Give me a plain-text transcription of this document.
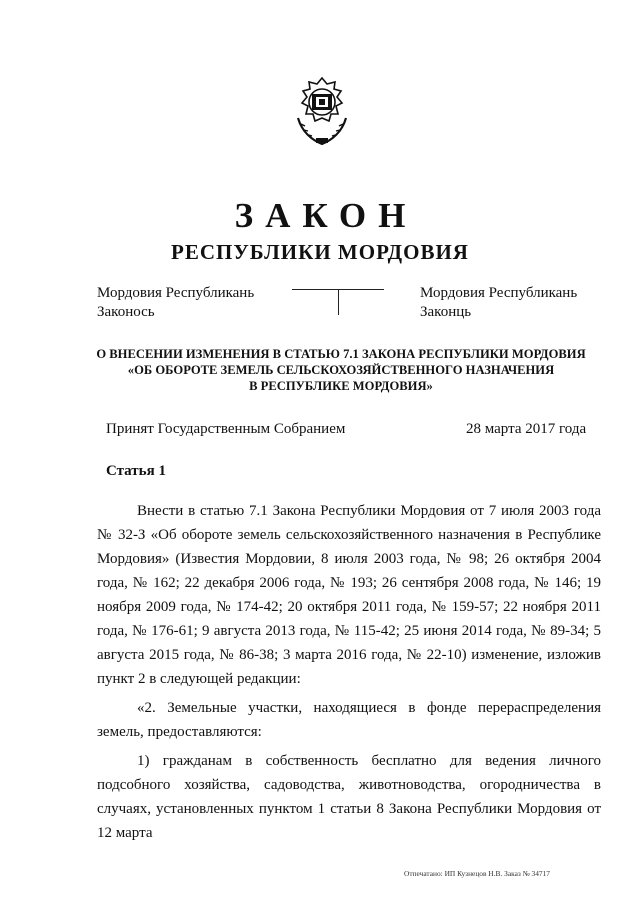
ЗАКОН
РЕСПУБЛИКИ МОРДОВИЯ
Мордовия Республикань
Законось
Мордовия Республикань
Законць
О ВНЕСЕНИИ ИЗМЕНЕНИЯ В СТАТЬЮ 7.1 ЗАКОНА РЕСПУБЛИКИ МОРДОВИЯ
«ОБ ОБОРОТЕ ЗЕМЕЛЬ СЕЛЬСКОХОЗЯЙСТВЕННОГО НАЗНАЧЕНИЯ
В РЕСПУБЛИКЕ МОРДОВИЯ»
Принят Государственным Собранием	28 марта 2017 года
Статья 1

Внести в статью 7.1 Закона Республики Мордовия от 7 июля 2003 года № 32-З «Об обороте земель сельскохозяйственного назначения в Республике Мордовия» (Известия Мордовии, 8 июля 2003 года, № 98; 26 октября 2004 года, № 162; 22 декабря 2006 года, № 193; 26 сентября 2008 года, № 146; 19 ноября 2009 года, № 174-42; 20 октября 2011 года, № 159-57; 22 ноября 2011 года, № 176-61; 9 августа 2013 года, № 115-42; 25 июня 2014 года, № 89-34; 5 августа 2015 года, № 86-38; 3 марта 2016 года, № 22-10) изменение, изложив пункт 2 в следующей редакции:

«2. Земельные участки, находящиеся в фонде перераспределения земель, предоставляются:

1) гражданам в собственность бесплатно для ведения личного подсобного хозяйства, садоводства, животноводства, огородничества в случаях, установленных пунктом 1 статьи 8 Закона Республики Мордовия от 12 марта

Отпечатано: ИП Кузнецов Н.В. Заказ № 34717
